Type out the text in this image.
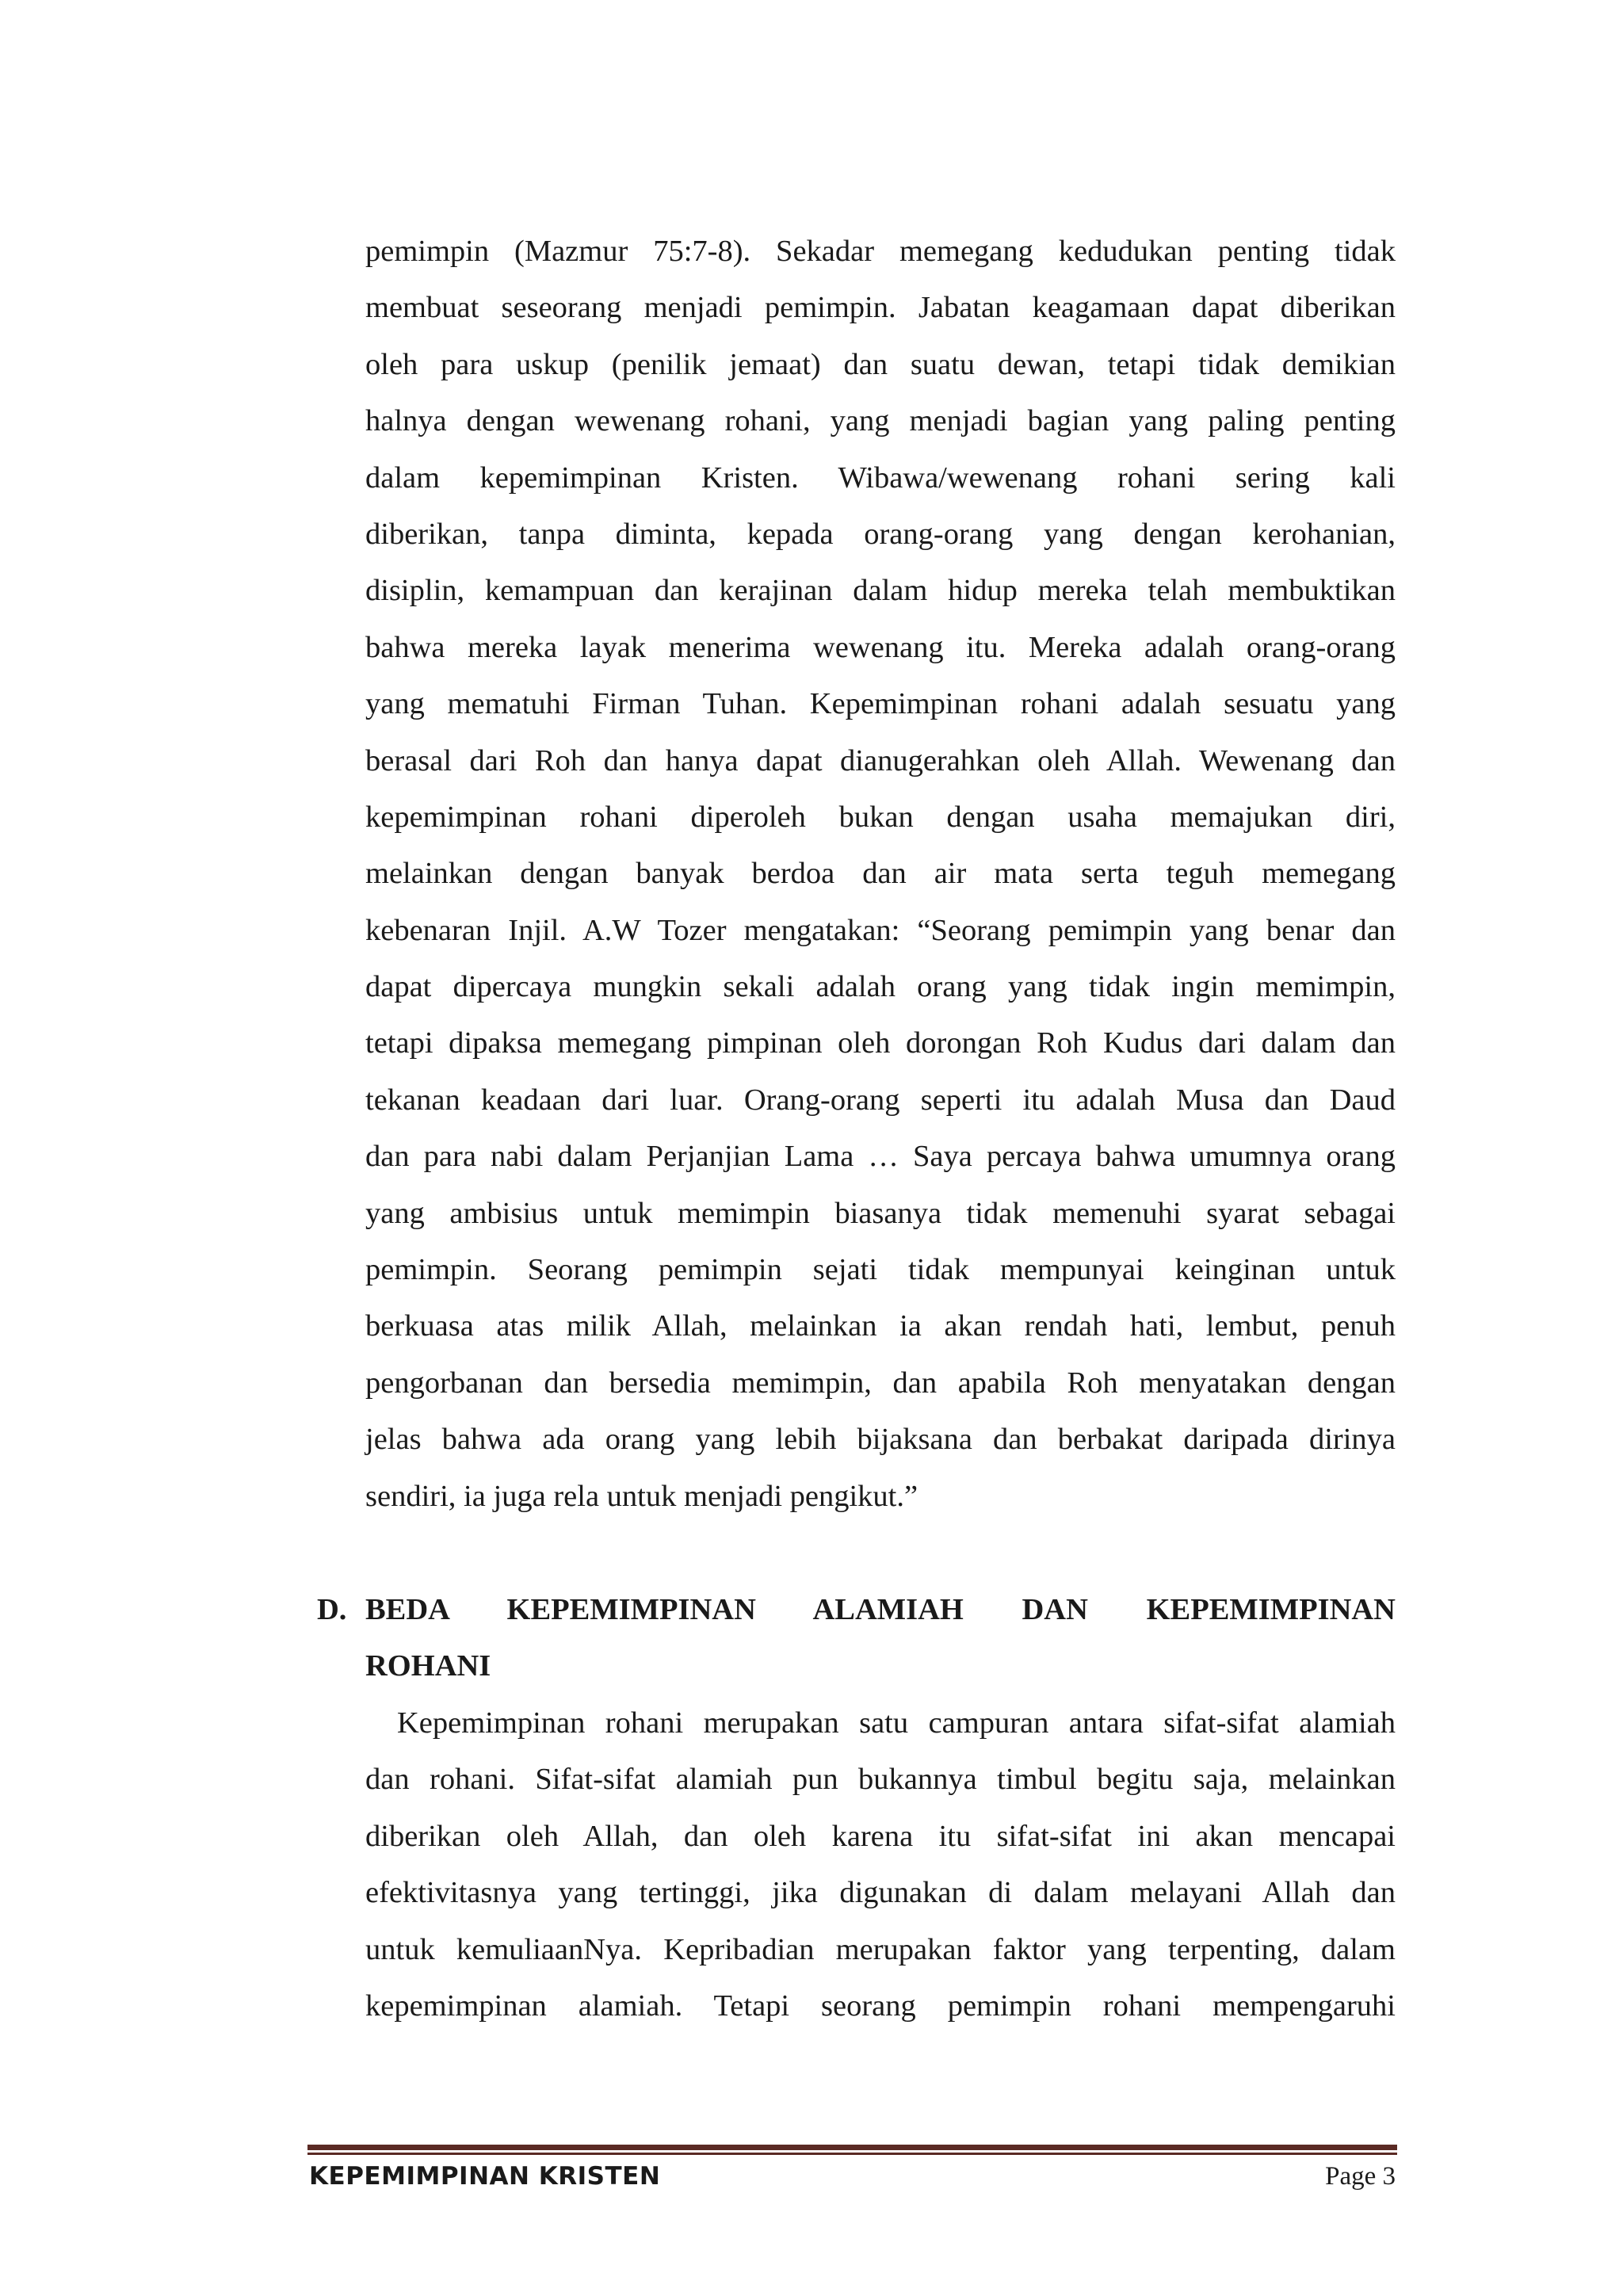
pemimpin (Mazmur 75:7-8). Sekadar memegang kedudukan penting tidak
membuat seseorang menjadi pemimpin. Jabatan keagamaan dapat diberikan
oleh para uskup (penilik jemaat) dan suatu dewan, tetapi tidak demikian
halnya dengan wewenang rohani, yang menjadi bagian yang paling penting
dalam kepemimpinan Kristen. Wibawa/wewenang rohani sering kali
diberikan, tanpa diminta, kepada orang-orang yang dengan kerohanian,
disiplin, kemampuan dan kerajinan dalam hidup mereka telah membuktikan
bahwa mereka layak menerima wewenang itu. Mereka adalah orang-orang
yang mematuhi Firman Tuhan. Kepemimpinan rohani adalah sesuatu yang
berasal dari Roh dan hanya dapat dianugerahkan oleh Allah. Wewenang dan
kepemimpinan rohani diperoleh bukan dengan usaha memajukan diri,
melainkan dengan banyak berdoa dan air mata serta teguh memegang
kebenaran Injil. A.W Tozer mengatakan: “Seorang pemimpin yang benar dan
dapat dipercaya mungkin sekali adalah orang yang tidak ingin memimpin,
tetapi dipaksa memegang pimpinan oleh dorongan Roh Kudus dari dalam dan
tekanan keadaan dari luar. Orang-orang seperti itu adalah Musa dan Daud
dan para nabi dalam Perjanjian Lama … Saya percaya bahwa umumnya orang
yang ambisius untuk memimpin biasanya tidak memenuhi syarat sebagai
pemimpin. Seorang pemimpin sejati tidak mempunyai keinginan untuk
berkuasa atas milik Allah, melainkan ia akan rendah hati, lembut, penuh
pengorbanan dan bersedia memimpin, dan apabila Roh menyatakan dengan
jelas bahwa ada orang yang lebih bijaksana dan berbakat daripada dirinya
sendiri, ia juga rela untuk menjadi pengikut.”
D. BEDA KEPEMIMPINAN ALAMIAH DAN KEPEMIMPINAN
ROHANI
Kepemimpinan rohani merupakan satu campuran antara sifat-sifat alamiah
dan rohani. Sifat-sifat alamiah pun bukannya timbul begitu saja, melainkan
diberikan oleh Allah, dan oleh karena itu sifat-sifat ini akan mencapai
efektivitasnya yang tertinggi, jika digunakan di dalam melayani Allah dan
untuk kemuliaanNya. Kepribadian merupakan faktor yang terpenting, dalam
kepemimpinan alamiah. Tetapi seorang pemimpin rohani mempengaruhi
KEPEMIMPINAN KRISTEN	Page 3
